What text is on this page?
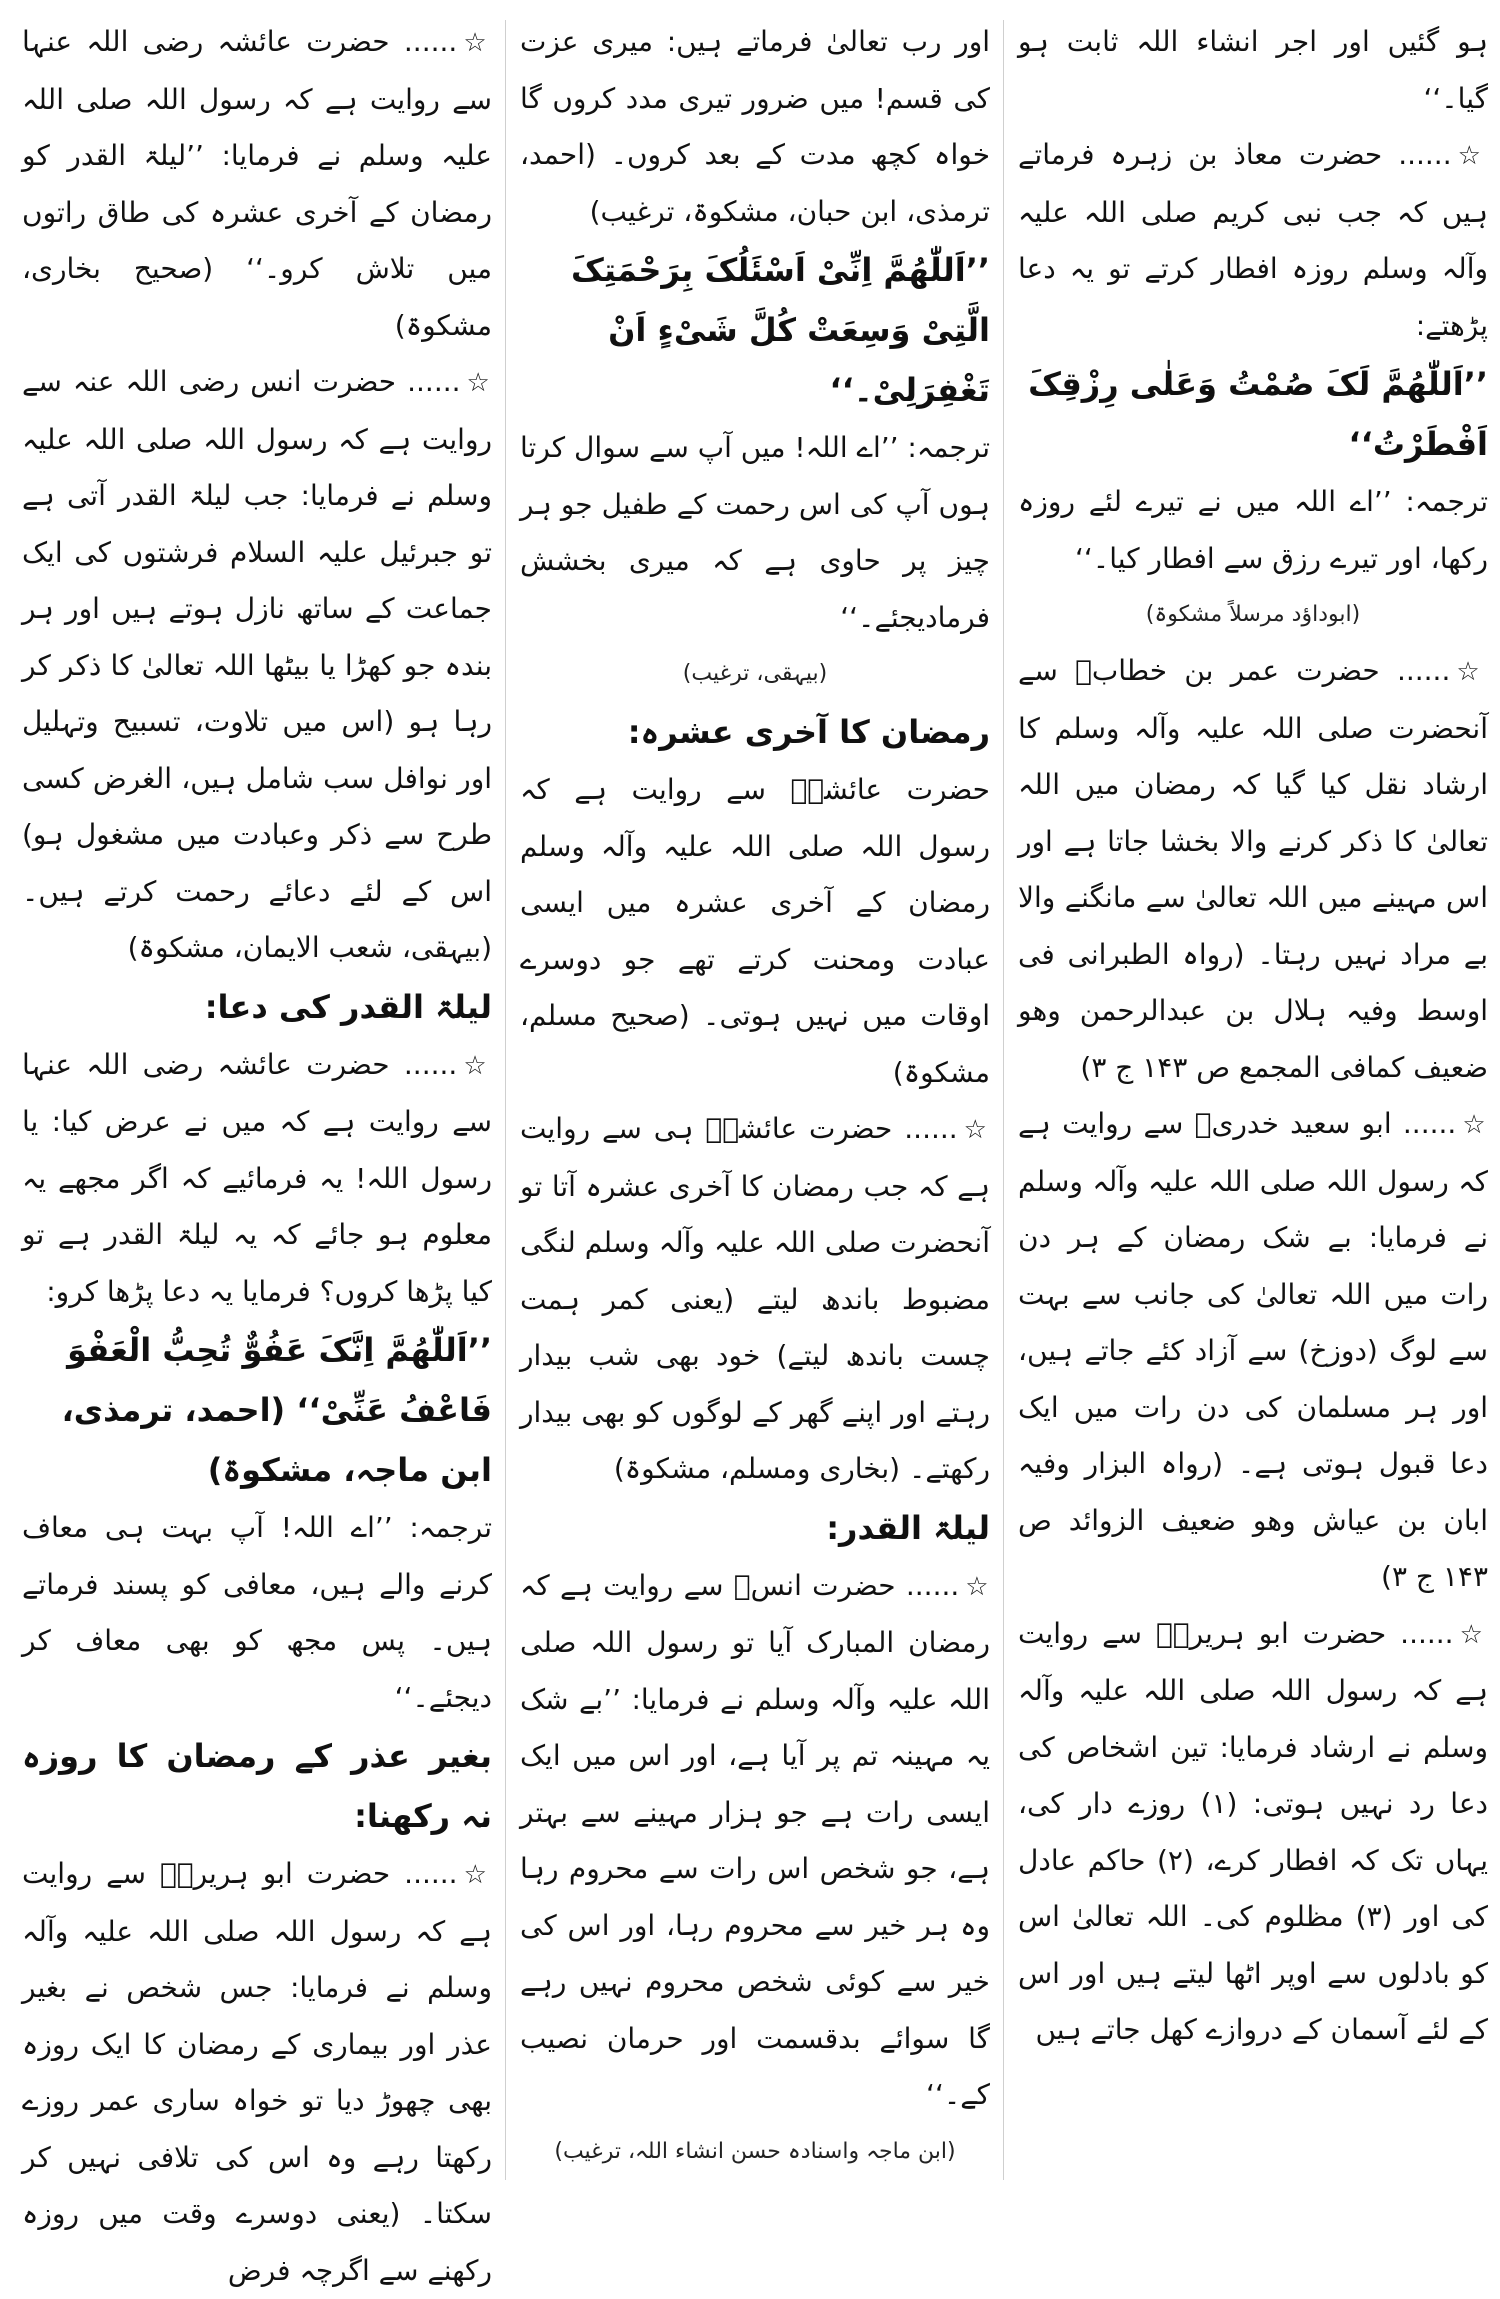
ہو گئیں اور اجر انشاء اللہ ثابت ہو گیا۔‘‘

☆ ...... حضرت معاذ بن زہرہ فرماتے ہیں کہ جب نبی کریم صلی اللہ علیہ وآلہ وسلم روزہ افطار کرتے تو یہ دعا پڑھتے:

’’اَللّٰھُمَّ لَکَ صُمْتُ وَعَلٰی رِزْقِکَ اَفْطَرْتُ‘‘

ترجمہ: ’’اے اللہ میں نے تیرے لئے روزہ رکھا، اور تیرے رزق سے افطار کیا۔‘‘

(ابوداؤد مرسلاً مشکوۃ)

☆ ...... حضرت عمر بن خطابؓ سے آنحضرت صلی اللہ علیہ وآلہ وسلم کا ارشاد نقل کیا گیا کہ رمضان میں اللہ تعالیٰ کا ذکر کرنے والا بخشا جاتا ہے اور اس مہینے میں اللہ تعالیٰ سے مانگنے والا بے مراد نہیں رہتا۔ (رواہ الطبرانی فی اوسط وفیہ ہلال بن عبدالرحمن وھو ضعیف کمافی المجمع ص ۱۴۳ ج ۳)

☆ ...... ابو سعید خدریؓ سے روایت ہے کہ رسول اللہ صلی اللہ علیہ وآلہ وسلم نے فرمایا: بے شک رمضان کے ہر دن رات میں اللہ تعالیٰ کی جانب سے بہت سے لوگ (دوزخ) سے آزاد کئے جاتے ہیں، اور ہر مسلمان کی دن رات میں ایک دعا قبول ہوتی ہے۔ (رواہ البزار وفیہ ابان بن عیاش وھو ضعیف الزوائد ص ۱۴۳ ج ۳)

☆ ...... حضرت ابو ہریرہؓ سے روایت ہے کہ رسول اللہ صلی اللہ علیہ وآلہ وسلم نے ارشاد فرمایا: تین اشخاص کی دعا رد نہیں ہوتی: (۱) روزے دار کی، یہاں تک کہ افطار کرے، (۲) حاکم عادل کی اور (۳) مظلوم کی۔ اللہ تعالیٰ اس کو بادلوں سے اوپر اٹھا لیتے ہیں اور اس کے لئے آسمان کے دروازے کھل جاتے ہیں

اور رب تعالیٰ فرماتے ہیں: میری عزت کی قسم! میں ضرور تیری مدد کروں گا خواہ کچھ مدت کے بعد کروں۔ (احمد، ترمذی، ابن حبان، مشکوۃ، ترغیب)

’’اَللّٰھُمَّ اِنِّیْ اَسْئَلُکَ بِرَحْمَتِکَ الَّتِیْ وَسِعَتْ کُلَّ شَیْءٍ اَنْ تَغْفِرَلِیْ۔‘‘

ترجمہ: ’’اے اللہ! میں آپ سے سوال کرتا ہوں آپ کی اس رحمت کے طفیل جو ہر چیز پر حاوی ہے کہ میری بخشش فرمادیجئے۔‘‘

(بیہقی، ترغیب)
رمضان کا آخری عشرہ:

حضرت عائشہؓ سے روایت ہے کہ رسول اللہ صلی اللہ علیہ وآلہ وسلم رمضان کے آخری عشرہ میں ایسی عبادت ومحنت کرتے تھے جو دوسرے اوقات میں نہیں ہوتی۔ (صحیح مسلم، مشکوۃ)

☆ ...... حضرت عائشہؓ ہی سے روایت ہے کہ جب رمضان کا آخری عشرہ آتا تو آنحضرت صلی اللہ علیہ وآلہ وسلم لنگی مضبوط باندھ لیتے (یعنی کمر ہمت چست باندھ لیتے) خود بھی شب بیدار رہتے اور اپنے گھر کے لوگوں کو بھی بیدار رکھتے۔ (بخاری ومسلم، مشکوۃ)

لیلۃ القدر:

☆ ...... حضرت انسؓ سے روایت ہے کہ رمضان المبارک آیا تو رسول اللہ صلی اللہ علیہ وآلہ وسلم نے فرمایا: ’’بے شک یہ مہینہ تم پر آیا ہے، اور اس میں ایک ایسی رات ہے جو ہزار مہینے سے بہتر ہے، جو شخص اس رات سے محروم رہا وہ ہر خیر سے محروم رہا، اور اس کی خیر سے کوئی شخص محروم نہیں رہے گا سوائے بدقسمت اور حرمان نصیب کے۔‘‘

(ابن ماجہ واسنادہ حسن انشاء اللہ، ترغیب)

☆ ...... حضرت عائشہ رضی اللہ عنہا سے روایت ہے کہ رسول اللہ صلی اللہ علیہ وسلم نے فرمایا: ’’لیلۃ القدر کو رمضان کے آخری عشرہ کی طاق راتوں میں تلاش کرو۔‘‘ (صحیح بخاری، مشکوۃ)

☆ ...... حضرت انس رضی اللہ عنہ سے روایت ہے کہ رسول اللہ صلی اللہ علیہ وسلم نے فرمایا: جب لیلۃ القدر آتی ہے تو جبرئیل علیہ السلام فرشتوں کی ایک جماعت کے ساتھ نازل ہوتے ہیں اور ہر بندہ جو کھڑا یا بیٹھا اللہ تعالیٰ کا ذکر کر رہا ہو (اس میں تلاوت، تسبیح وتہلیل اور نوافل سب شامل ہیں، الغرض کسی طرح سے ذکر وعبادت میں مشغول ہو) اس کے لئے دعائے رحمت کرتے ہیں۔ (بیہقی، شعب الایمان، مشکوۃ)

لیلۃ القدر کی دعا:

☆ ...... حضرت عائشہ رضی اللہ عنہا سے روایت ہے کہ میں نے عرض کیا: یا رسول اللہ! یہ فرمائیے کہ اگر مجھے یہ معلوم ہو جائے کہ یہ لیلۃ القدر ہے تو کیا پڑھا کروں؟ فرمایا یہ دعا پڑھا کرو:

’’اَللّٰھُمَّ اِنَّکَ عَفُوٌّ تُحِبُّ الْعَفْوَ فَاعْفُ عَنِّیْ‘‘ (احمد، ترمذی، ابن ماجہ، مشکوۃ)

ترجمہ: ’’اے اللہ! آپ بہت ہی معاف کرنے والے ہیں، معافی کو پسند فرماتے ہیں۔ پس مجھ کو بھی معاف کر دیجئے۔‘‘

بغیر عذر کے رمضان کا روزہ نہ رکھنا:

☆ ...... حضرت ابو ہریرہؓ سے روایت ہے کہ رسول اللہ صلی اللہ علیہ وآلہ وسلم نے فرمایا: جس شخص نے بغیر عذر اور بیماری کے رمضان کا ایک روزہ بھی چھوڑ دیا تو خواہ ساری عمر روزے رکھتا رہے وہ اس کی تلافی نہیں کر سکتا۔ (یعنی دوسرے وقت میں روزہ رکھنے سے اگرچہ فرض
